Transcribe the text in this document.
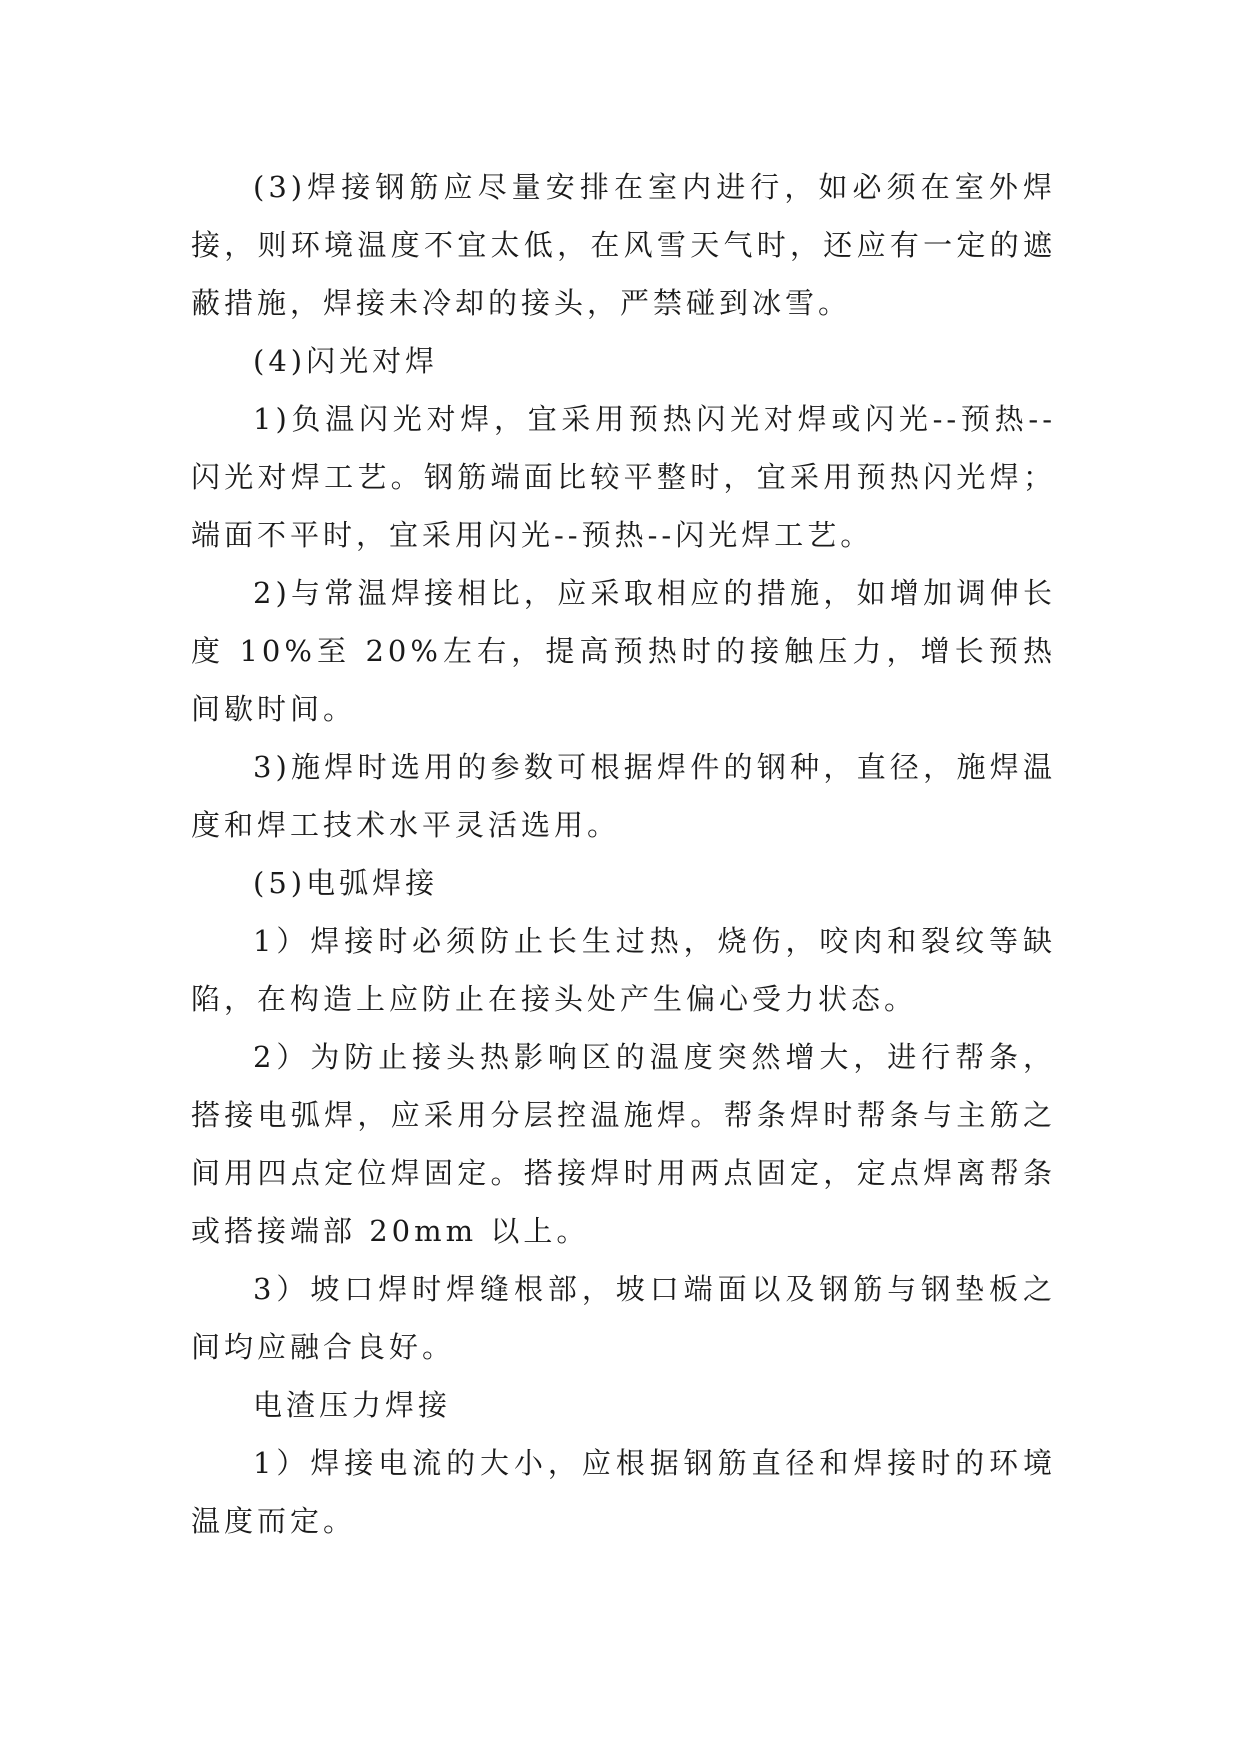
(3)焊接钢筋应尽量安排在室内进行，如必须在室外焊接，则环境温度不宜太低，在风雪天气时，还应有一定的遮蔽措施，焊接未冷却的接头，严禁碰到冰雪。

(4)闪光对焊

1)负温闪光对焊，宜采用预热闪光对焊或闪光--预热--闪光对焊工艺。钢筋端面比较平整时，宜采用预热闪光焊；端面不平时，宜采用闪光--预热--闪光焊工艺。

2)与常温焊接相比，应采取相应的措施，如增加调伸长度 10%至 20%左右，提高预热时的接触压力，增长预热间歇时间。

3)施焊时选用的参数可根据焊件的钢种，直径，施焊温度和焊工技术水平灵活选用。

(5)电弧焊接

1）焊接时必须防止长生过热，烧伤，咬肉和裂纹等缺陷，在构造上应防止在接头处产生偏心受力状态。

2）为防止接头热影响区的温度突然增大，进行帮条，搭接电弧焊，应采用分层控温施焊。帮条焊时帮条与主筋之间用四点定位焊固定。搭接焊时用两点固定，定点焊离帮条或搭接端部 20mm 以上。

3）坡口焊时焊缝根部，坡口端面以及钢筋与钢垫板之间均应融合良好。

电渣压力焊接

1）焊接电流的大小，应根据钢筋直径和焊接时的环境温度而定。
